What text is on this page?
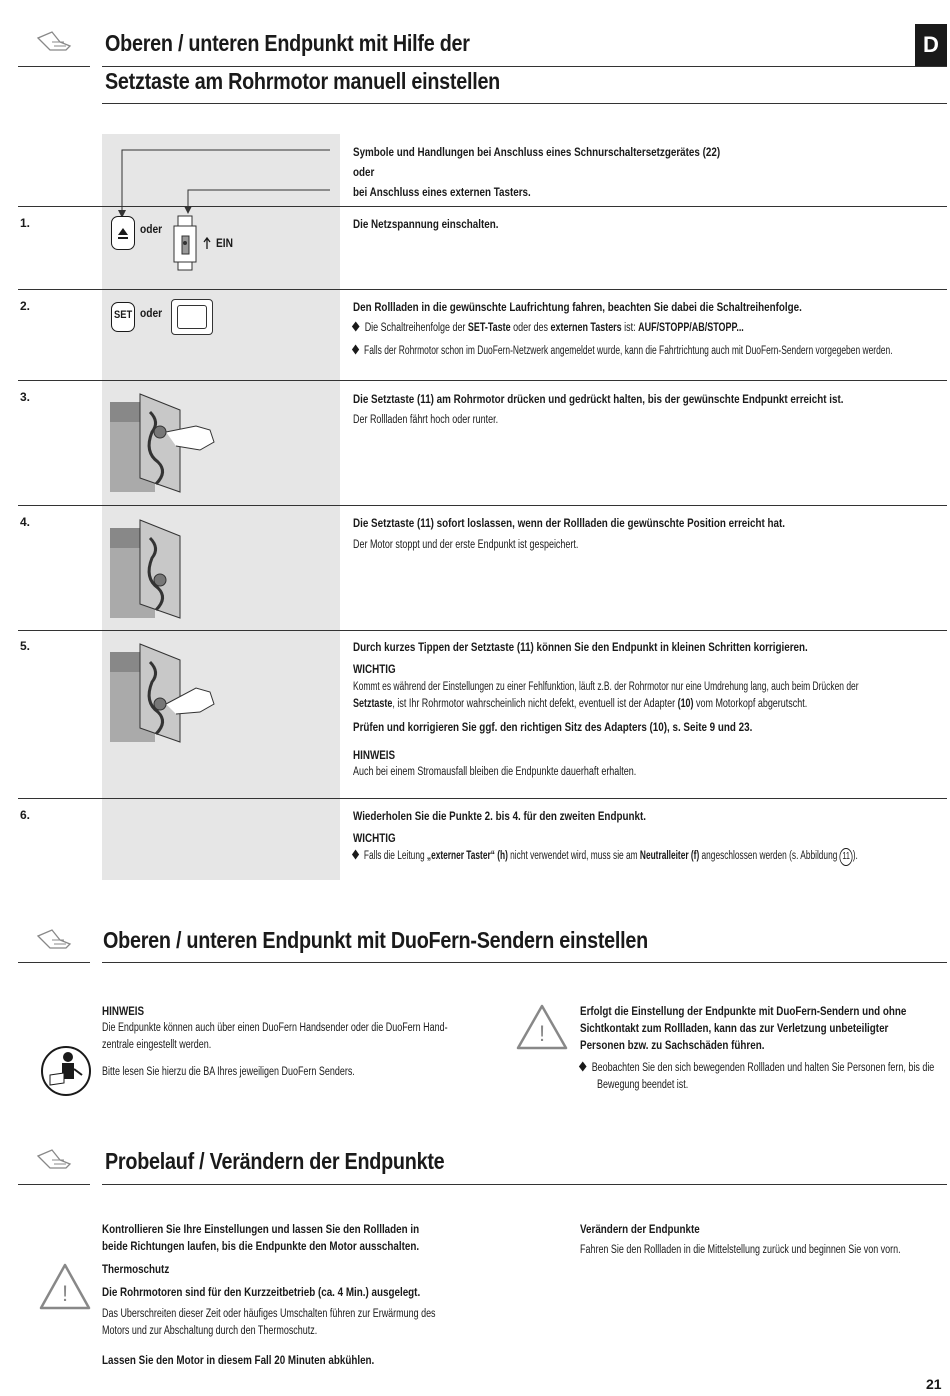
Oberen / unteren Endpunkt mit Hilfe der
Setztaste am Rohrmotor manuell einstellen
D
Symbole und Handlungen bei Anschluss eines Schnurschaltersetzgerätes (22)
oder
bei Anschluss eines externen Tasters.
1.	oder
EIN
Die Netzspannung einschalten.
2.
SET oder	Den Rollladen in die gewünschte Laufrichtung fahren, beachten Sie dabei die Schaltreihenfolge.
Die Schaltreihenfolge der SET-Taste oder des externen Tasters ist: AUF/STOPP/AB/STOPP...
Falls der Rohrmotor schon im DuoFern-Netzwerk angemeldet wurde, kann die Fahrtrichtung auch mit DuoFern-Sendern vorgegeben werden.
3.	Die Setztaste (11) am Rohrmotor drücken und gedrückt halten, bis der gewünschte Endpunkt erreicht ist.
Der Rollladen fährt hoch oder runter.
4.	Die Setztaste (11) sofort loslassen, wenn der Rollladen die gewünschte Position erreicht hat.
Der Motor stoppt und der erste Endpunkt ist gespeichert.
5.	Durch kurzes Tippen der Setztaste (11) können Sie den Endpunkt in kleinen Schritten korrigieren.
WICHTIG
Kommt es während der Einstellungen zu einer Fehlfunktion, läuft z.B. der Rohrmotor nur eine Umdrehung lang, auch beim Drücken der
Setztaste, ist Ihr Rohrmotor wahrscheinlich nicht defekt, eventuell ist der Adapter (10) vom Motorkopf abgerutscht.
Prüfen und korrigieren Sie ggf. den richtigen Sitz des Adapters (10), s. Seite 9 und 23.
HINWEIS
Auch bei einem Stromausfall bleiben die Endpunkte dauerhaft erhalten.
6.	Wiederholen Sie die Punkte 2. bis 4. für den zweiten Endpunkt.
WICHTIG
Falls die Leitung „externer Taster“ (h) nicht verwendet wird, muss sie am Neutralleiter (f) angeschlossen werden (s. Abbildung 11 ).
Oberen / unteren Endpunkt mit DuoFern-Sendern einstellen
HINWEIS
Die Endpunkte können auch über einen DuoFern Handsender oder die DuoFern Hand-
zentrale eingestellt werden.
Bitte lesen Sie hierzu die BA Ihres jeweiligen DuoFern Senders.
!
Erfolgt die Einstellung der Endpunkte mit DuoFern-Sendern und ohne
Sichtkontakt zum Rollladen, kann das zur Verletzung unbeteiligter
Personen bzw. zu Sachschäden führen.
Beobachten Sie den sich bewegenden Rollladen und halten Sie Personen fern, bis die
Bewegung beendet ist.
Probelauf / Verändern der Endpunkte
!
Kontrollieren Sie Ihre Einstellungen und lassen Sie den Rollladen in
beide Richtungen laufen, bis die Endpunkte den Motor ausschalten.
Thermoschutz
Die Rohrmotoren sind für den Kurzzeitbetrieb (ca. 4 Min.) ausgelegt.
Das Überschreiten dieser Zeit oder häufiges Umschalten führen zur Erwärmung des
Motors und zur Abschaltung durch den Thermoschutz.
Lassen Sie den Motor in diesem Fall 20 Minuten abkühlen.
Verändern der Endpunkte
Fahren Sie den Rollladen in die Mittelstellung zurück und beginnen Sie von vorn.
21
